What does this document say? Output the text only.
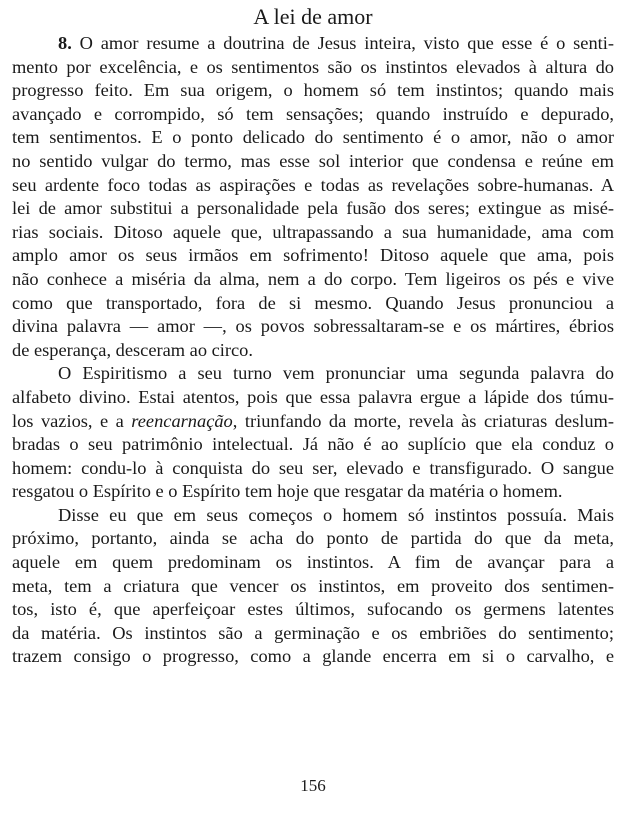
A lei de amor
8. O amor resume a doutrina de Jesus inteira, visto que esse é o senti-
mento por excelência, e os sentimentos são os instintos elevados à altura do
progresso feito. Em sua origem, o homem só tem instintos; quando mais
avançado e corrompido, só tem sensações; quando instruído e depurado,
tem sentimentos. E o ponto delicado do sentimento é o amor, não o amor
no sentido vulgar do termo, mas esse sol interior que condensa e reúne em
seu ardente foco todas as aspirações e todas as revelações sobre-humanas. A
lei de amor substitui a personalidade pela fusão dos seres; extingue as misé-
rias sociais. Ditoso aquele que, ultrapassando a sua humanidade, ama com
amplo amor os seus irmãos em sofrimento! Ditoso aquele que ama, pois
não conhece a miséria da alma, nem a do corpo. Tem ligeiros os pés e vive
como que transportado, fora de si mesmo. Quando Jesus pronunciou a
divina palavra — amor —, os povos sobressaltaram-se e os mártires, ébrios
de esperança, desceram ao circo.
O Espiritismo a seu turno vem pronunciar uma segunda palavra do
alfabeto divino. Estai atentos, pois que essa palavra ergue a lápide dos túmu-
los vazios, e a reencarnação, triunfando da morte, revela às criaturas deslum-
bradas o seu patrimônio intelectual. Já não é ao suplício que ela conduz o
homem: condu-lo à conquista do seu ser, elevado e transfigurado. O sangue
resgatou o Espírito e o Espírito tem hoje que resgatar da matéria o homem.
Disse eu que em seus começos o homem só instintos possuía. Mais
próximo, portanto, ainda se acha do ponto de partida do que da meta,
aquele em quem predominam os instintos. A fim de avançar para a
meta, tem a criatura que vencer os instintos, em proveito dos sentimen-
tos, isto é, que aperfeiçoar estes últimos, sufocando os germens latentes
da matéria. Os instintos são a germinação e os embriões do sentimento;
trazem consigo o progresso, como a glande encerra em si o carvalho, e
156
